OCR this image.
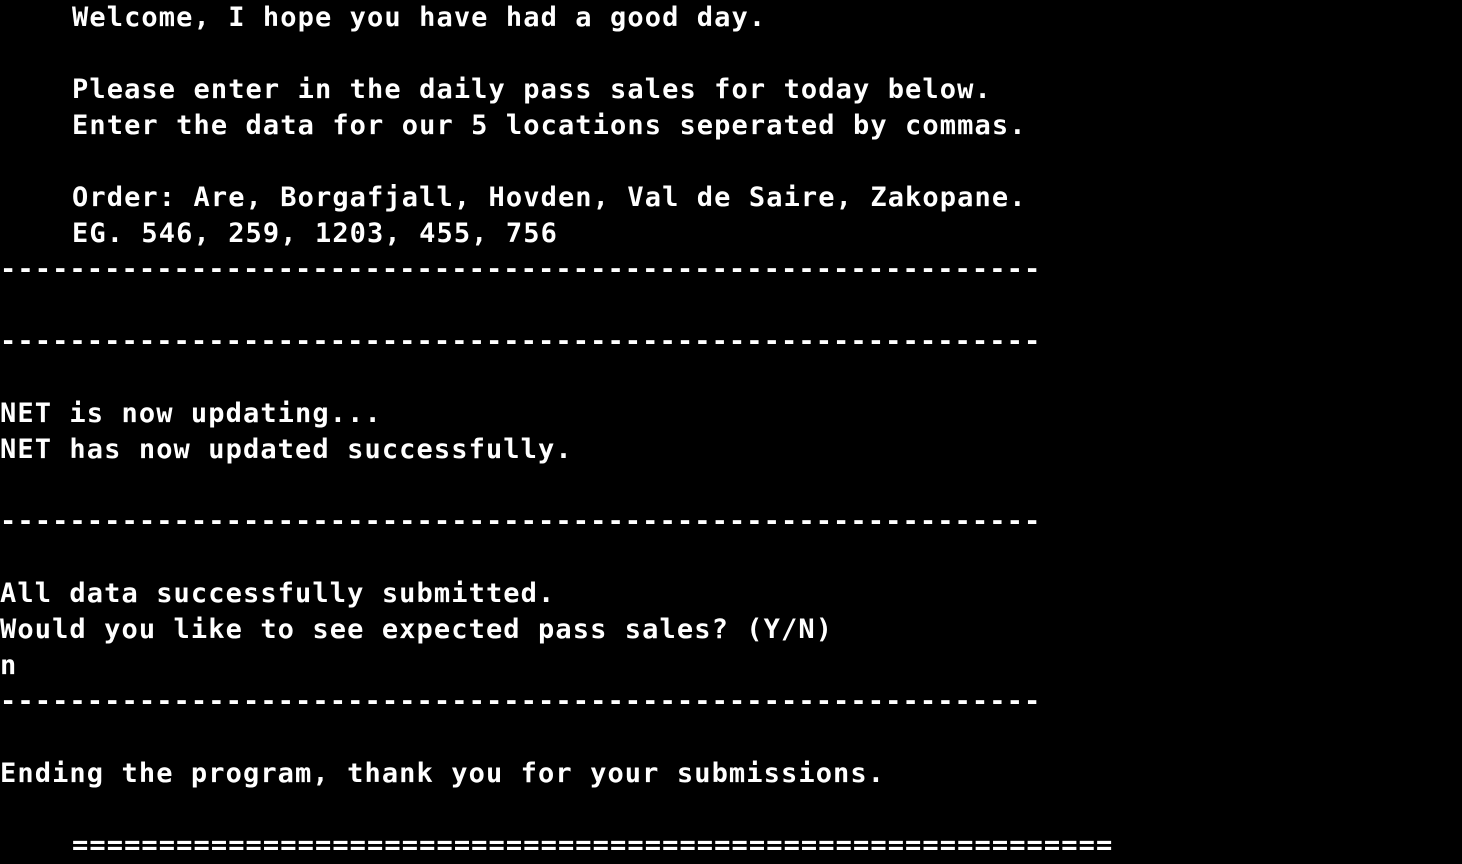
Welcome, I hope you have had a good day.
Please enter in the daily pass sales for today below.
Enter the data for our 5 locations seperated by commas.
Order: Are, Borgafjall, Hovden, Val de Saire, Zakopane.
EG. 546, 259, 1203, 455, 756
------------------------------------------------------------
------------------------------------------------------------
NET is now updating...
NET has now updated successfully.
------------------------------------------------------------
All data successfully submitted.
Would you like to see expected pass sales? (Y/N)
n
------------------------------------------------------------
Ending the program, thank you for your submissions.
============================================================
